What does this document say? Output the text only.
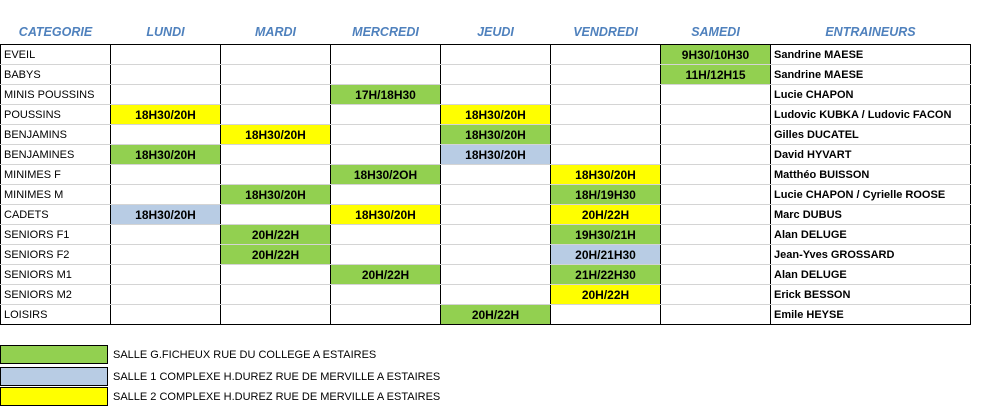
CATEGORIE	LUNDI	MARDI	MERCREDI	JEUDI	VENDREDI	SAMEDI	ENTRAINEURS
EVEIL						9H30/10H30	Sandrine MAESE
BABYS						11H/12H15	Sandrine MAESE
MINIS POUSSINS			17H/18H30				Lucie CHAPON
POUSSINS	18H30/20H			18H30/20H			Ludovic KUBKA / Ludovic FACON
BENJAMINS		18H30/20H		18H30/20H			Gilles DUCATEL
BENJAMINES	18H30/20H			18H30/20H			David HYVART
MINIMES F			18H30/2OH		18H30/20H		Matthéo BUISSON
MINIMES M		18H30/20H			18H/19H30		Lucie CHAPON / Cyrielle ROOSE
CADETS	18H30/20H		18H30/20H		20H/22H		Marc DUBUS
SENIORS F1		20H/22H			19H30/21H		Alan DELUGE
SENIORS F2		20H/22H			20H/21H30		Jean-Yves GROSSARD
SENIORS M1			20H/22H		21H/22H30		Alan DELUGE
SENIORS M2					20H/22H		Erick BESSON
LOISIRS				20H/22H			Emile HEYSE
SALLE G.FICHEUX RUE DU COLLEGE A ESTAIRES
SALLE 1 COMPLEXE H.DUREZ RUE DE MERVILLE A ESTAIRES
SALLE 2 COMPLEXE H.DUREZ RUE DE MERVILLE A ESTAIRES
